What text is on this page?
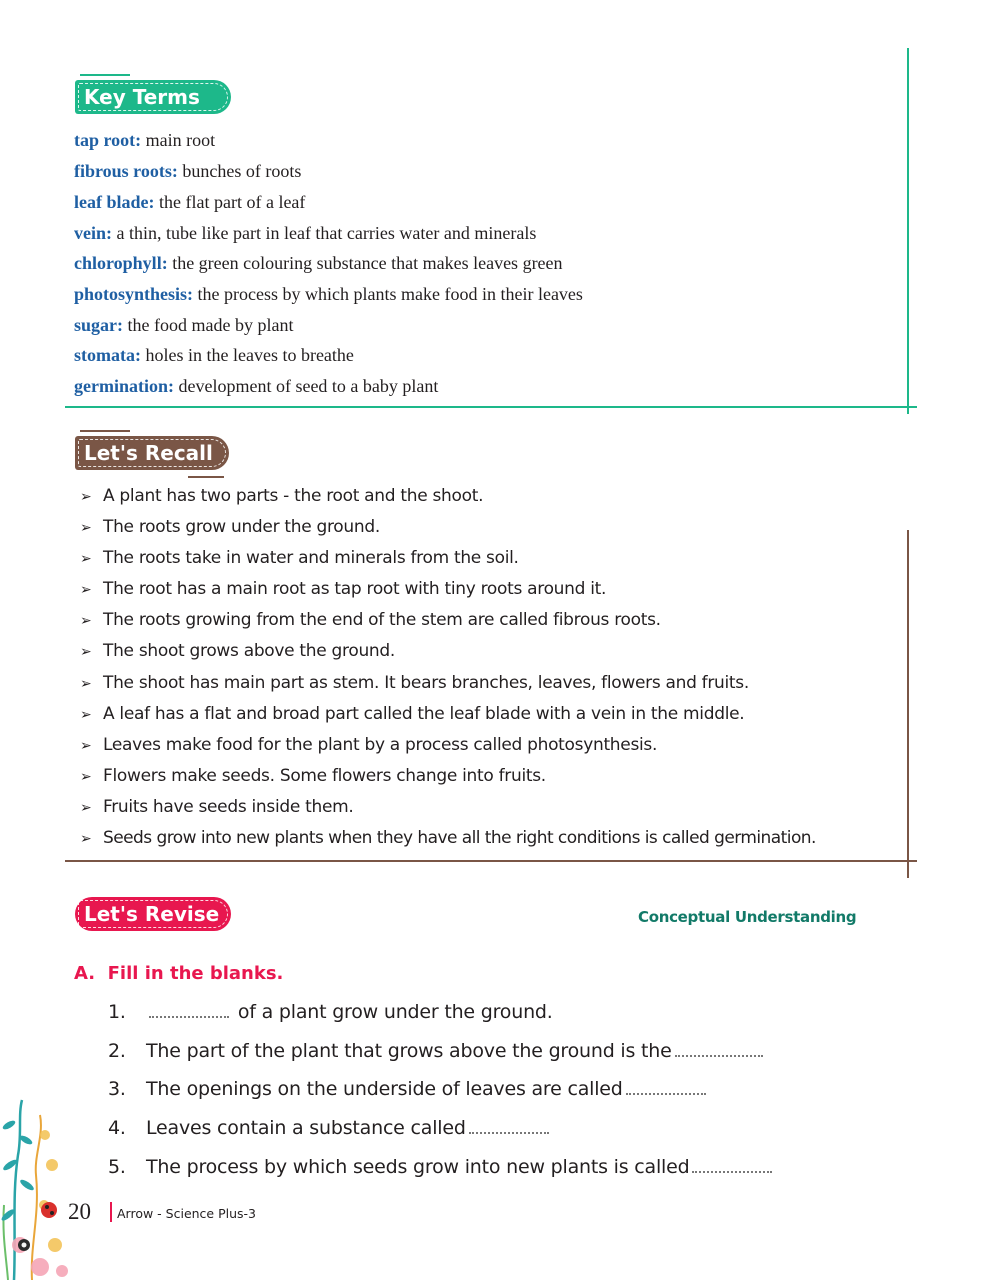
Key Terms
tap root: main root
fibrous roots: bunches of roots
leaf blade: the flat part of a leaf
vein: a thin, tube like part in leaf that carries water and minerals
chlorophyll: the green colouring substance that makes leaves green
photosynthesis: the process by which plants make food in their leaves
sugar: the food made by plant
stomata: holes in the leaves to breathe
germination: development of seed to a baby plant
Let's Recall
➢ A plant has two parts - the root and the shoot.
➢ The roots grow under the ground.
➢ The roots take in water and minerals from the soil.
➢ The root has a main root as tap root with tiny roots around it.
➢ The roots growing from the end of the stem are called fibrous roots.
➢ The shoot grows above the ground.
➢ The shoot has main part as stem. It bears branches, leaves, flowers and fruits.
➢ A leaf has a flat and broad part called the leaf blade with a vein in the middle.
➢ Leaves make food for the plant by a process called photosynthesis.
➢ Flowers make seeds. Some flowers change into fruits.
➢ Fruits have seeds inside them.
➢ Seeds grow into new plants when they have all the right conditions is called germination.
Let's Revise	Conceptual Understanding
A.  Fill in the blanks.
1.	of a plant grow under the ground.
2. The part of the plant that grows above the ground is the
3. The openings on the underside of leaves are called
4. Leaves contain a substance called
5. The process by which seeds grow into new plants is called
20 Arrow - Science Plus-3
